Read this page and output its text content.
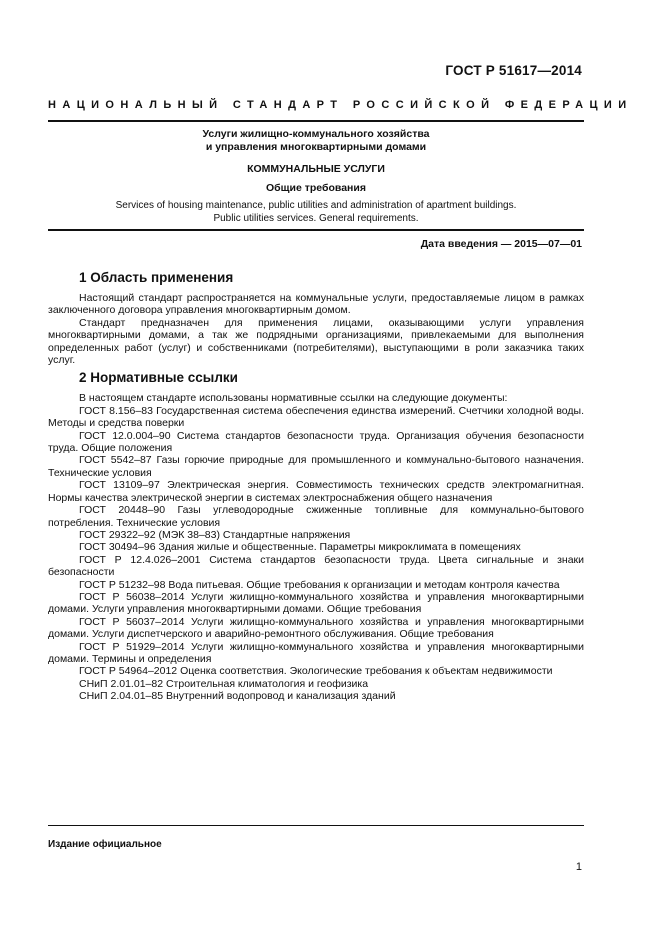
ГОСТ Р 51617—2014
НАЦИОНАЛЬНЫЙ СТАНДАРТ РОССИЙСКОЙ ФЕДЕРАЦИИ
Услуги жилищно-коммунального хозяйства
и управления многоквартирными домами
КОММУНАЛЬНЫЕ УСЛУГИ
Общие требования
Services of housing maintenance, public utilities and administration of apartment buildings.
Public utilities services. General requirements.
Дата введения — 2015—07—01
1 Область применения

Настоящий стандарт распространяется на коммунальные услуги, предоставляемые лицом в рамках заключенного договора управления многоквартирным домом.

Стандарт предназначен для применения лицами, оказывающими услуги управления многоквартирными домами, а так же подрядными организациями, привлекаемыми для выполнения определенных работ (услуг) и собственниками (потребителями), выступающими в роли заказчика таких услуг.

2 Нормативные ссылки

В настоящем стандарте использованы нормативные ссылки на следующие документы:

ГОСТ 8.156–83 Государственная система обеспечения единства измерений. Счетчики холодной воды. Методы и средства поверки

ГОСТ 12.0.004–90 Система стандартов безопасности труда. Организация обучения безопасности труда. Общие положения

ГОСТ 5542–87 Газы горючие природные для промышленного и коммунально-бытового назначения. Технические условия

ГОСТ 13109–97 Электрическая энергия. Совместимость технических средств электромагнитная. Нормы качества электрической энергии в системах электроснабжения общего назначения

ГОСТ 20448–90 Газы углеводородные сжиженные топливные для коммунально-бытового потребления. Технические условия

ГОСТ 29322–92 (МЭК 38–83) Стандартные напряжения

ГОСТ 30494–96 Здания жилые и общественные. Параметры микроклимата в помещениях

ГОСТ Р 12.4.026–2001 Система стандартов безопасности труда. Цвета сигнальные и знаки безопасности

ГОСТ Р 51232–98 Вода питьевая. Общие требования к организации и методам контроля качества

ГОСТ Р 56038–2014 Услуги жилищно-коммунального хозяйства и управления многоквартирными домами. Услуги управления многоквартирными домами. Общие требования

ГОСТ Р 56037–2014 Услуги жилищно-коммунального хозяйства и управления многоквартирными домами. Услуги диспетчерского и аварийно-ремонтного обслуживания. Общие требования

ГОСТ Р 51929–2014 Услуги жилищно-коммунального хозяйства и управления многоквартирными домами. Термины и определения

ГОСТ Р 54964–2012 Оценка соответствия. Экологические требования к объектам недвижимости

СНиП 2.01.01–82 Строительная климатология и геофизика

СНиП 2.04.01–85 Внутренний водопровод и канализация зданий

Издание официальное
1
